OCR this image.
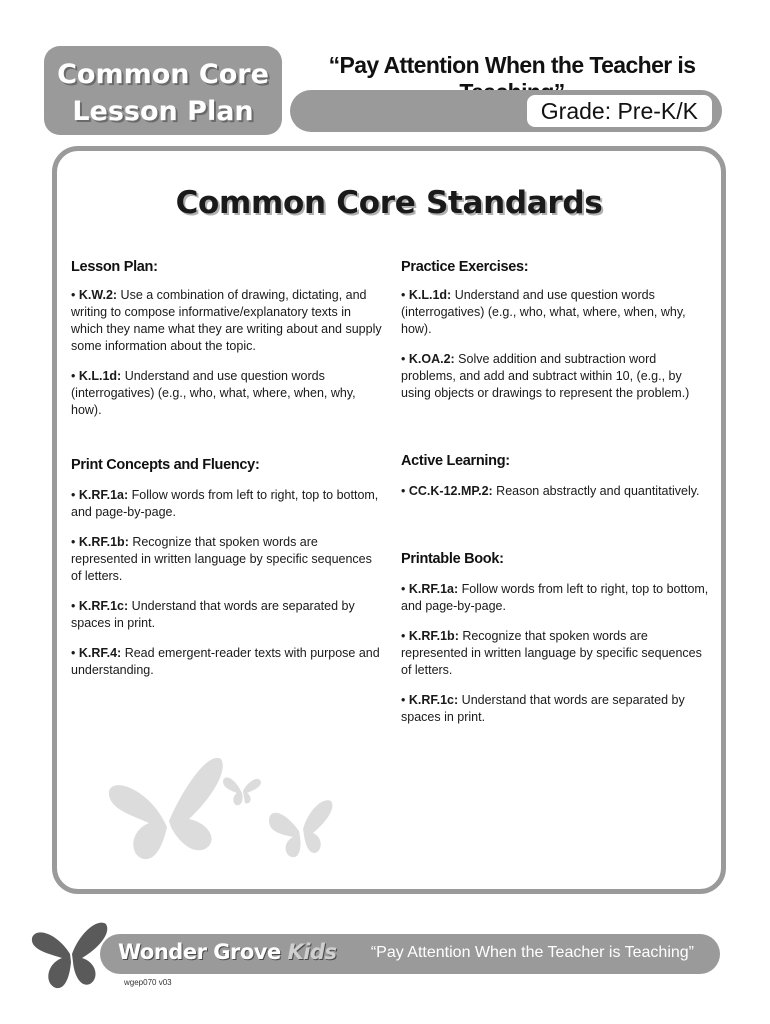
Common Core
Lesson Plan
“Pay Attention When the Teacher is
Grade: Pre-K/K
Common Core Standards
Lesson Plan:
• K.W.2: Use a combination of drawing, dictating, and writing to compose informative/explanatory texts in which they name what they are writing about and supply some information about the topic.
• K.L.1d: Understand and use question words (interrogatives) (e.g., who, what, where, when, why, how).
Print Concepts and Fluency:
• K.RF.1a: Follow words from left to right, top to bottom, and page-by-page.
• K.RF.1b: Recognize that spoken words are represented in written language by specific sequences of letters.
• K.RF.1c: Understand that words are separated by spaces in print.
• K.RF.4: Read emergent-reader texts with purpose and understanding.
Practice Exercises:
• K.L.1d: Understand and use question words (interrogatives) (e.g., who, what, where, when, why, how).
• K.OA.2: Solve addition and subtraction word problems, and add and subtract within 10, (e.g., by using objects or drawings to represent the problem.)
Active Learning:
• CC.K-12.MP.2: Reason abstractly and quantitatively.
Printable Book:
• K.RF.1a: Follow words from left to right, top to bottom, and page-by-page.
• K.RF.1b: Recognize that spoken words are represented in written language by specific sequences of letters.
• K.RF.1c: Understand that words are separated by spaces in print.
Wonder Grove Kids “Pay Attention When the Teacher is Teaching”
wgep070 v03
